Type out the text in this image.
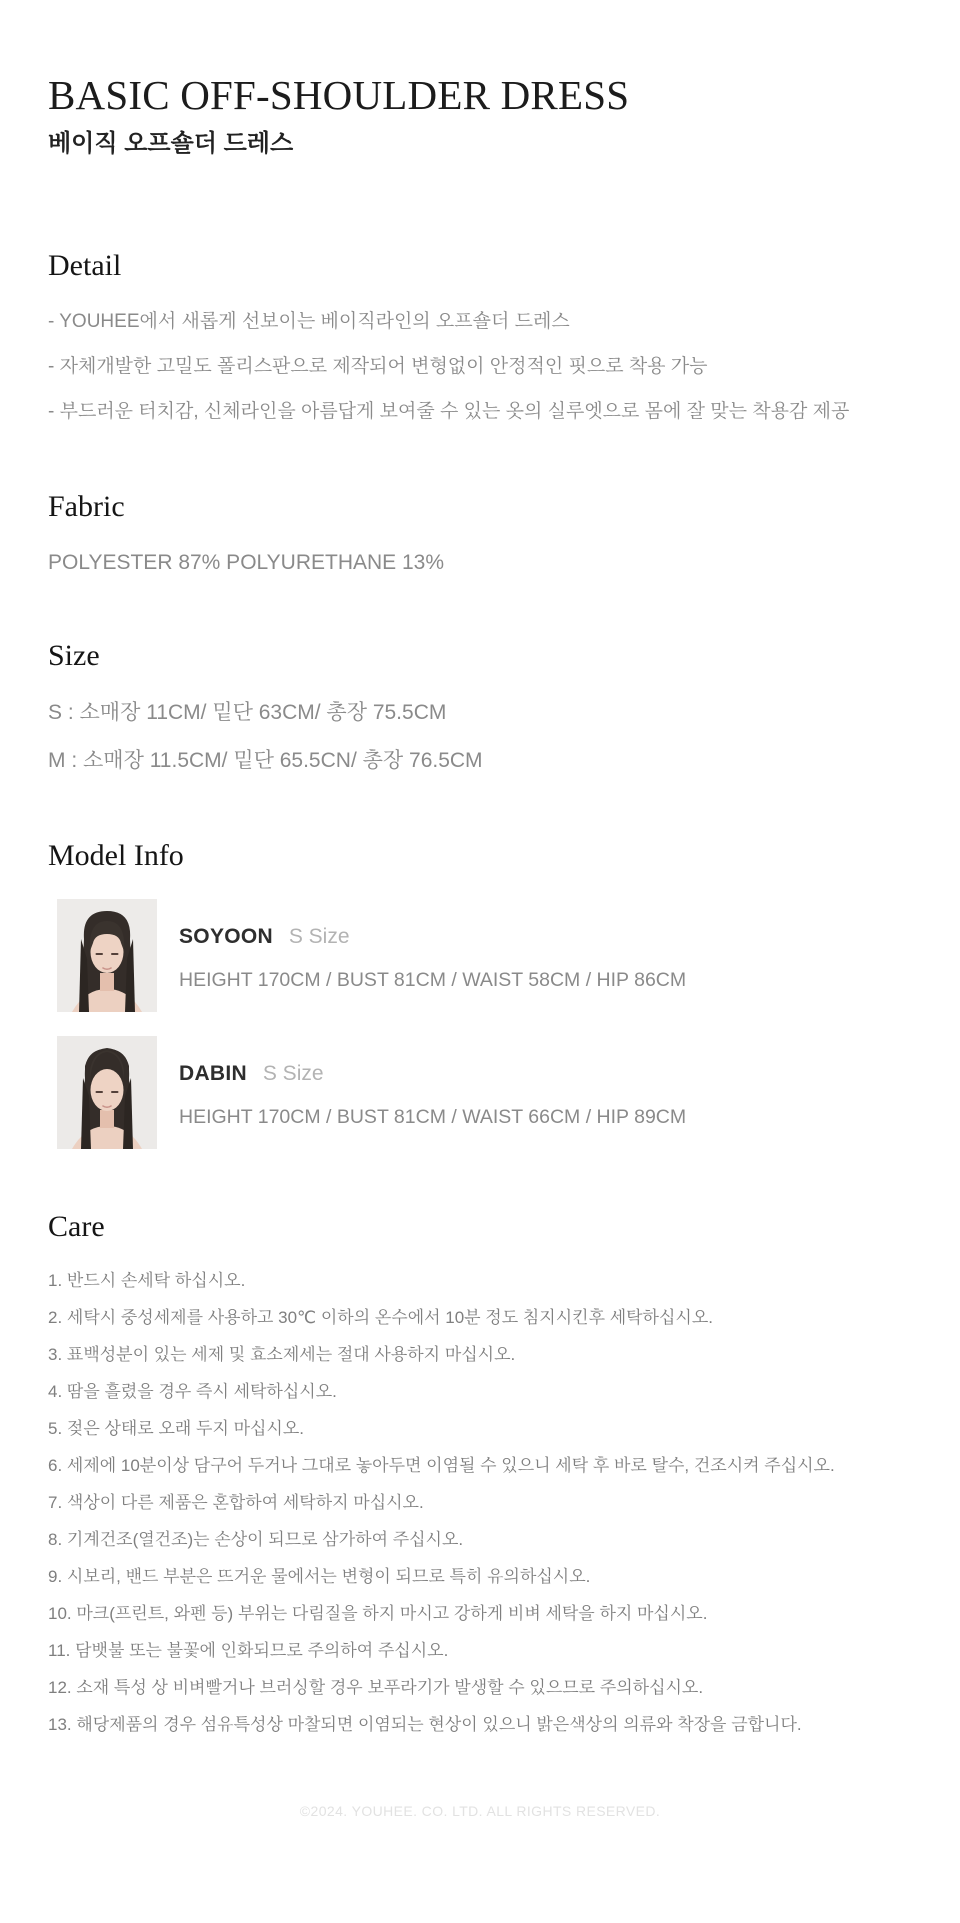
BASIC OFF-SHOULDER DRESS
베이직 오프숄더 드레스
Detail
- YOUHEE에서 새롭게 선보이는 베이직라인의 오프숄더 드레스
- 자체개발한 고밀도 폴리스판으로 제작되어 변형없이 안정적인 핏으로 착용 가능
- 부드러운 터치감, 신체라인을 아름답게 보여줄 수 있는 옷의 실루엣으로 몸에 잘 맞는 착용감 제공
Fabric
POLYESTER 87% POLYURETHANE 13%
Size
S : 소매장 11CM/ 밑단 63CM/ 총장 75.5CM
M : 소매장 11.5CM/ 밑단 65.5CN/ 총장 76.5CM
Model Info
SOYOON S Size
HEIGHT 170CM / BUST 81CM / WAIST 58CM / HIP 86CM
DABIN S Size
HEIGHT 170CM / BUST 81CM / WAIST 66CM / HIP 89CM
Care
1. 반드시 손세탁 하십시오.
2. 세탁시 중성세제를 사용하고 30℃ 이하의 온수에서 10분 정도 침지시킨후 세탁하십시오.
3. 표백성분이 있는 세제 및 효소제세는 절대 사용하지 마십시오.
4. 땀을 흘렸을 경우 즉시 세탁하십시오.
5. 젖은 상태로 오래 두지 마십시오.
6. 세제에 10분이상 담구어 두거나 그대로 놓아두면 이염될 수 있으니 세탁 후 바로 탈수, 건조시켜 주십시오.
7. 색상이 다른 제품은 혼합하여 세탁하지 마십시오.
8. 기계건조(열건조)는 손상이 되므로 삼가하여 주십시오.
9. 시보리, 밴드 부분은 뜨거운 물에서는 변형이 되므로 특히 유의하십시오.
10. 마크(프린트, 와펜 등) 부위는 다림질을 하지 마시고 강하게 비벼 세탁을 하지 마십시오.
11. 담뱃불 또는 불꽃에 인화되므로 주의하여 주십시오.
12. 소재 특성 상 비벼빨거나 브러싱할 경우 보푸라기가 발생할 수 있으므로 주의하십시오.
13. 해당제품의 경우 섬유특성상 마찰되면 이염되는 현상이 있으니 밝은색상의 의류와 착장을 금합니다.
©2024. YOUHEE. CO. LTD. ALL RIGHTS RESERVED.
